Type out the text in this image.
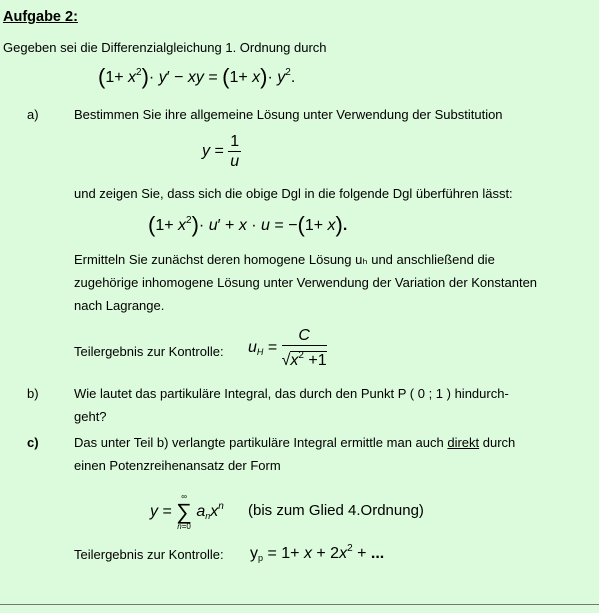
Aufgabe 2:
Gegeben sei die Differenzialgleichung 1. Ordnung durch
$(1+ x^2)\cdot y'$ − xy = $(1+ x)\cdot y^2$.
a)	Bestimmen Sie ihre allgemeine Lösung unter Verwendung der Substitution
$y = \frac{1}{u}$
und zeigen Sie, dass sich die obige Dgl in die folgende Dgl überführen lässt:
$(1+ x^2)\cdot u' + x \cdot u = -(1+ x)$.
Ermitteln Sie zunächst deren homogene Lösung uₕ und anschließend die
zugehörige inhomogene Lösung unter Verwendung der Variation der Konstanten
nach Lagrange.
Teilergebnis zur Kontrolle: $u_H = \frac{C}{√x^2 +1}$
b)	Wie lautet das partikuläre Integral, das durch den Punkt P ( 0 ; 1 ) hindurch-
geht?
c)	Das unter Teil b) verlangte partikuläre Integral ermittle man auch direkt durch
einen Potenzreihenansatz der Form
y =
∞
∑
n=0
$a_nx^n$ (bis zum Glied 4.Ordnung)
Teilergebnis zur Kontrolle: $y_p = 1+ x + 2x^2$ + ...
